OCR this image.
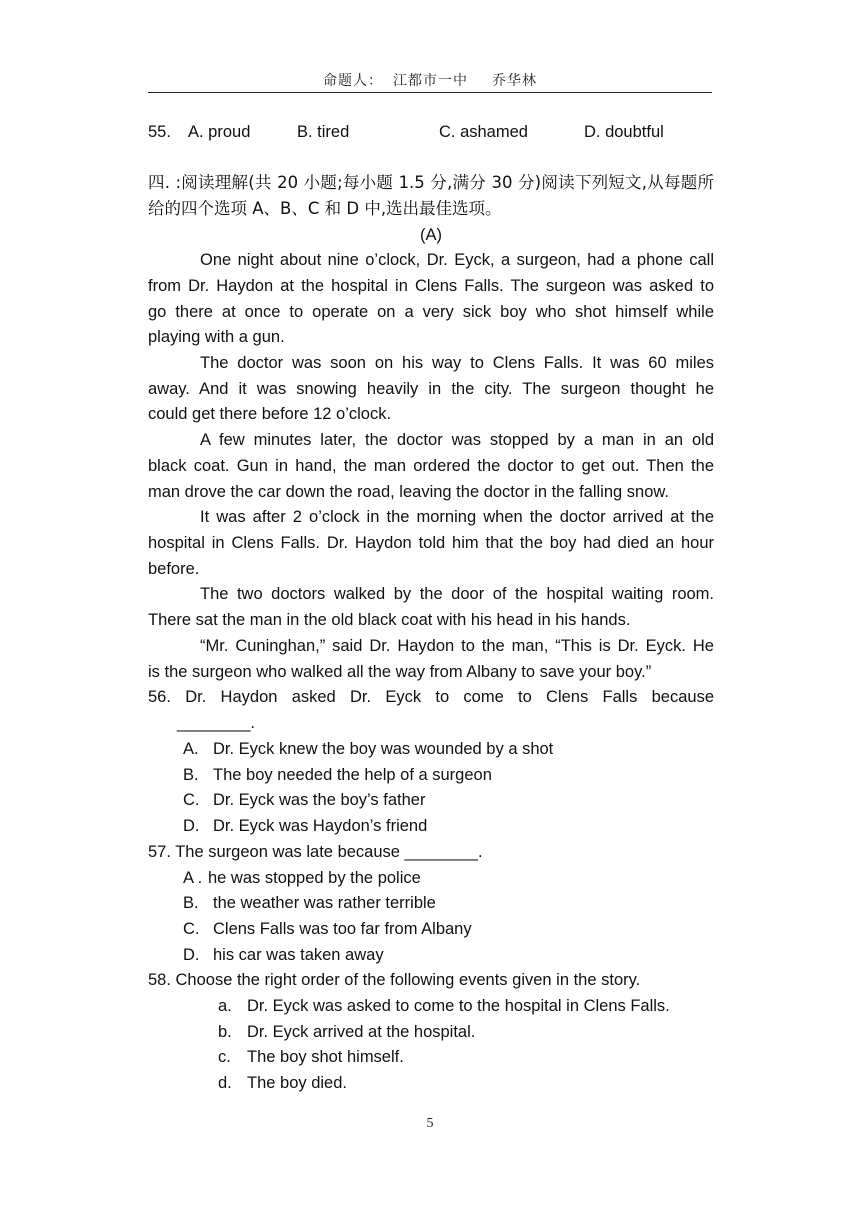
命题人： 江都市一中 乔华林
55. A. proud	B. tired	C. ashamed	D. doubtful
四. :阅读理解(共 20 小题;每小题 1.5 分,满分 30 分)阅读下列短文,从每题所
给的四个选项 A、B、C 和 D 中,选出最佳选项。
(A)
One night about nine o’clock, Dr. Eyck, a surgeon, had a phone call
from Dr. Haydon at the hospital in Clens Falls. The surgeon was asked to
go there at once to operate on a very sick boy who shot himself while
playing with a gun.
The doctor was soon on his way to Clens Falls. It was 60 miles
away. And it was snowing heavily in the city. The surgeon thought he
could get there before 12 o’clock.
A few minutes later, the doctor was stopped by a man in an old
black coat. Gun in hand, the man ordered the doctor to get out. Then the
man drove the car down the road, leaving the doctor in the falling snow.
It was after 2 o’clock in the morning when the doctor arrived at the
hospital in Clens Falls. Dr. Haydon told him that the boy had died an hour
before.
The two doctors walked by the door of the hospital waiting room.
There sat the man in the old black coat with his head in his hands.
“Mr. Cuninghan,” said Dr. Haydon to the man, “This is Dr. Eyck. He
is the surgeon who walked all the way from Albany to save your boy.”
56. Dr. Haydon asked Dr. Eyck to come to Clens Falls because
________.
A. Dr. Eyck knew the boy was wounded by a shot
B. The boy needed the help of a surgeon
C. Dr. Eyck was the boy’s father
D. Dr. Eyck was Haydon’s friend
57. The surgeon was late because ________.
A . he was stopped by the police
B. the weather was rather terrible
C. Clens Falls was too far from Albany
D. his car was taken away
58. Choose the right order of the following events given in the story.
a. Dr. Eyck was asked to come to the hospital in Clens Falls.
b. Dr. Eyck arrived at the hospital.
c. The boy shot himself.
d. The boy died.
5
